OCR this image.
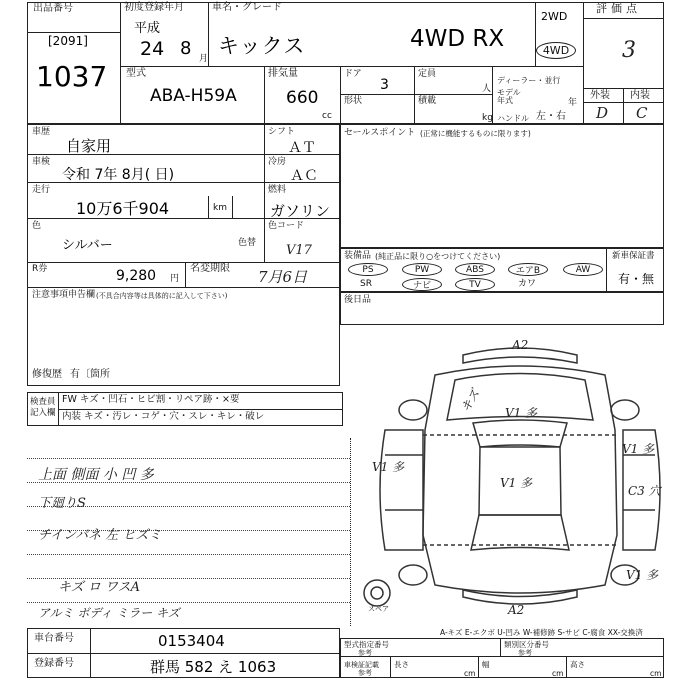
出品番号
[2091]
1037
初度登録年月
平成
24 8 月
車名・グレード
キックス	4WD RX
2WD
4WD
評価点
3
型式
ABA-H59A
排気量
660
cc
ドア
3
定員
人
形状	積載
kg
ディーラー・並行
モデル年式	年
ハンドル 左・右
外装 内装
D C
車歴
自家用
シフト
ＡＴ
車検
令和 7年 8月( 日)
冷房
ＡＣ
走行
10万6千904	km
燃料
ガソリン
色
シルバー	色替
色コード
V17
R券	9,280 円
名変期限 7月6日
注意事項申告欄 (不具合内容等は具体的に記入して下さい)
修復歴 有〔箇所
検査員記入欄
FW キズ・凹石・ヒビ割・リペア跡・×要
内装 キズ・汚レ・コゲ・穴・スレ・キレ・破レ
上面 側面 小 凹 多
下廻りS
チインパネ 左 ヒズミ
キズ ロ ワスA
アルミ ボディ ミラー キズ
セールスポイント (正常に機能するものに限ります)
装備品 (純正品に限り○をつけてください)	新車保証書
有・無
後日品
PS	PW	ABS	エアB	AW
SR	ナビ	TV	カワ
A2
A2
V1 多
V1 多
V1 多
V1 多
C3 穴
V1 多
キズ
スペア
A-キズ E-エクボ U-凹み W-補修跡 S-サビ C-腐食 XX-交換済
車台番号	0153404
登録番号	群馬 582 え 1063
型式指定番号
参考
類別区分番号
参考
車検証記載
参考
長さ
cm
幅
cm
高さ
cm
